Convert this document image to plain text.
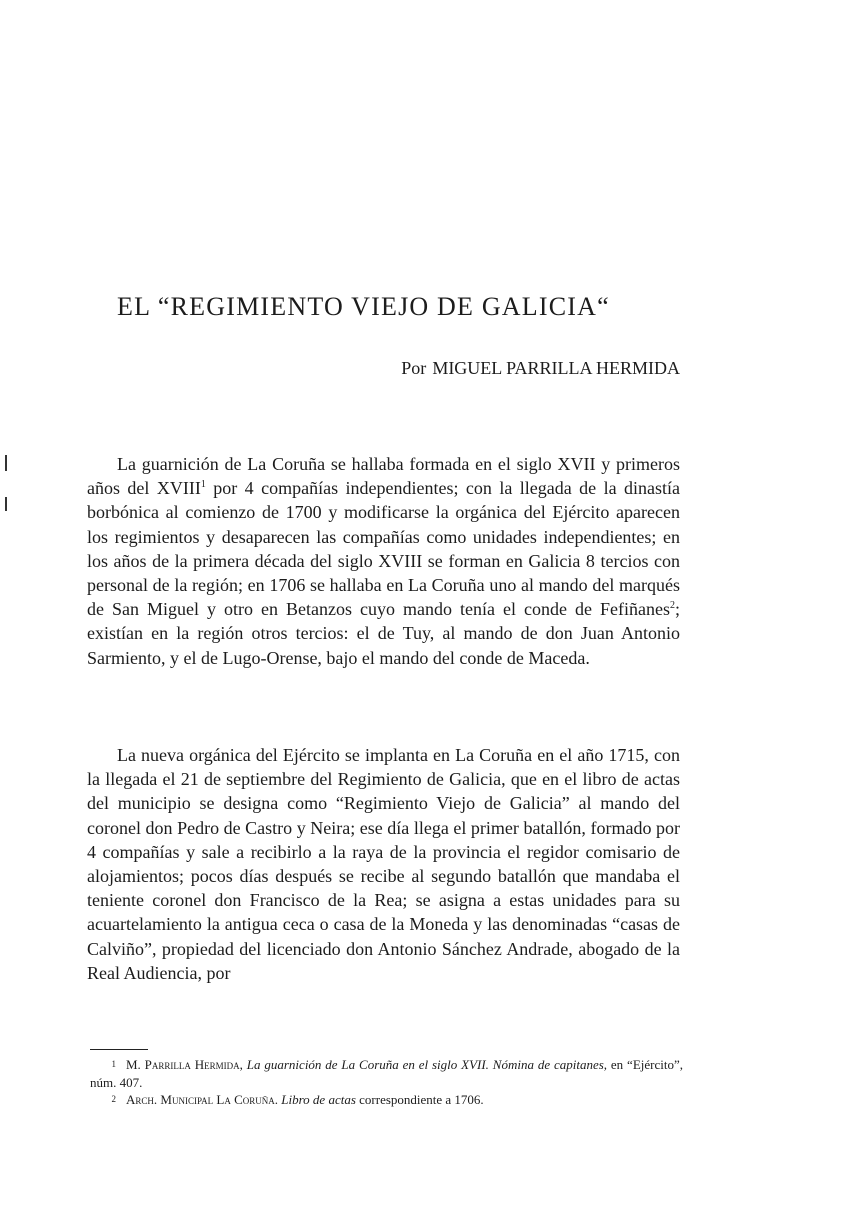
EL “REGIMIENTO VIEJO DE GALICIA“
Por MIGUEL PARRILLA HERMIDA

La guarnición de La Coruña se hallaba formada en el siglo XVII y primeros años del XVIII$^1$ por 4 compañías independientes; con la llegada de la dinastía borbónica al comienzo de 1700 y modificarse la orgánica del Ejército aparecen los regimientos y desaparecen las compañías como unidades independientes; en los años de la primera década del siglo XVIII se forman en Galicia 8 tercios con personal de la región; en 1706 se hallaba en La Coruña uno al mando del marqués de San Miguel y otro en Betanzos cuyo mando tenía el conde de Fefiñanes$^2$; existían en la región otros tercios: el de Tuy, al mando de don Juan Antonio Sarmiento, y el de Lugo-Orense, bajo el mando del conde de Maceda.

La nueva orgánica del Ejército se implanta en La Coruña en el año 1715, con la llegada el 21 de septiembre del Regimiento de Galicia, que en el libro de actas del municipio se designa como “Regimiento Viejo de Galicia” al mando del coronel don Pedro de Castro y Neira; ese día llega el primer batallón, formado por 4 compañías y sale a recibirlo a la raya de la provincia el regidor comisario de alojamientos; pocos días después se recibe al segundo batallón que mandaba el teniente coronel don Francisco de la Rea; se asigna a estas unidades para su acuartelamiento la antigua ceca o casa de la Moneda y las denominadas “casas de Calviño”, propiedad del licenciado don Antonio Sánchez Andrade, abogado de la Real Audiencia, por

1 M. Parrilla Hermida, La guarnición de La Coruña en el siglo XVII. Nómina de capitanes, en “Ejército”, núm. 407.

2 Arch. Municipal La Coruña. Libro de actas correspondiente a 1706.
